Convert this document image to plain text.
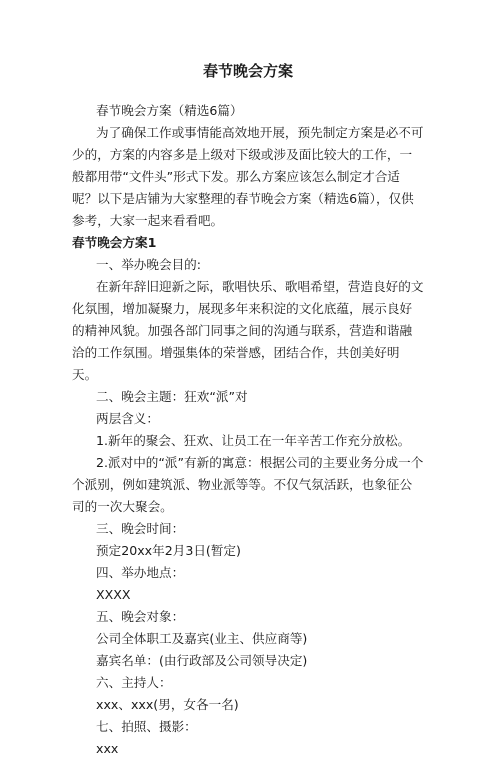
春节晚会方案

春节晚会方案（精选6篇）

为了确保工作或事情能高效地开展，预先制定方案是必不可少的，方案的内容多是上级对下级或涉及面比较大的工作，一般都用带“文件头”形式下发。那么方案应该怎么制定才合适呢？以下是店铺为大家整理的春节晚会方案（精选6篇），仅供参考，大家一起来看看吧。

春节晚会方案1

一、举办晚会目的:

在新年辞旧迎新之际，歌唱快乐、歌唱希望，营造良好的文化氛围，增加凝聚力，展现多年来积淀的文化底蕴，展示良好的精神风貌。加强各部门同事之间的沟通与联系，营造和谐融洽的工作氛围。增强集体的荣誉感，团结合作，共创美好明天。

二、晚会主题：狂欢“派”对

两层含义：

1.新年的聚会、狂欢、让员工在一年辛苦工作充分放松。

2.派对中的“派”有新的寓意：根据公司的主要业务分成一个个派别，例如建筑派、物业派等等。不仅气氛活跃，也象征公司的一次大聚会。

三、晚会时间：

预定20xx年2月3日(暂定)

四、举办地点：

XXXX

五、晚会对象：

公司全体职工及嘉宾(业主、供应商等)

嘉宾名单：(由行政部及公司领导决定)

六、主持人：

xxx、xxx(男，女各一名)

七、拍照、摄影：

xxx
